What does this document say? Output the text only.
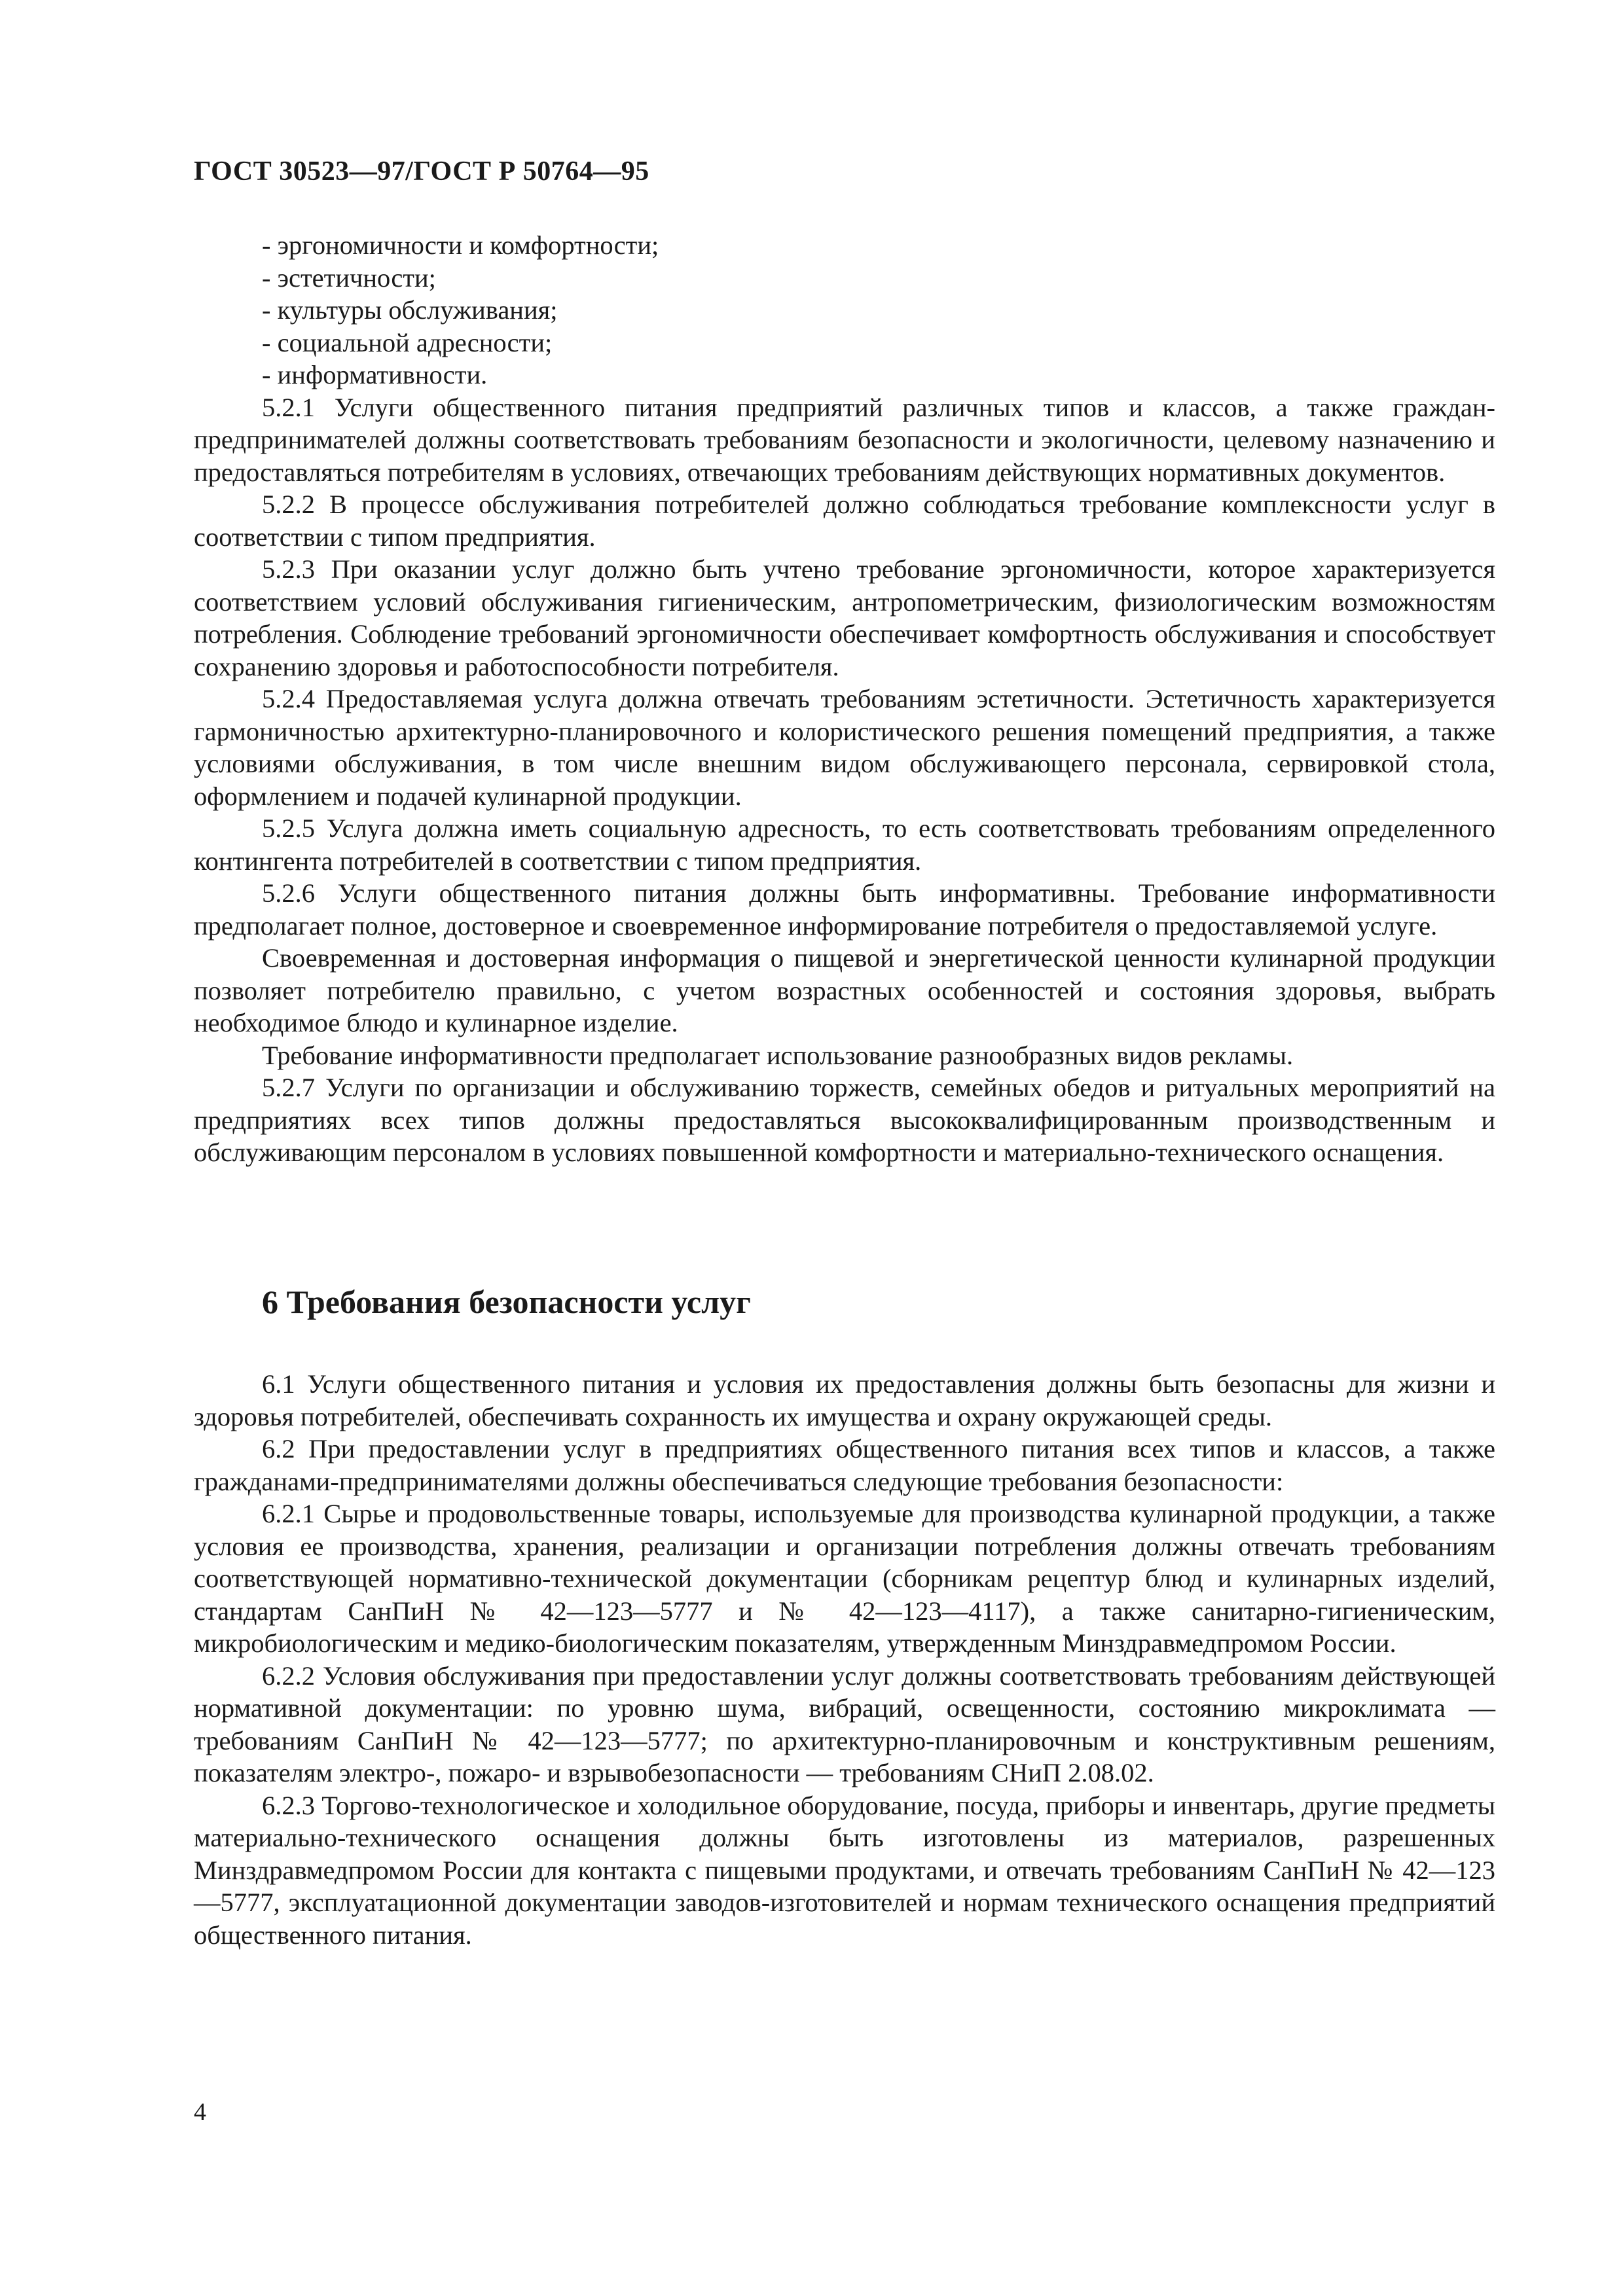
ГОСТ 30523—97/ГОСТ Р 50764—95

- эргономичности и комфортности;

- эстетичности;

- культуры обслуживания;

- социальной адресности;

- информативности.

5.2.1 Услуги общественного питания предприятий различных типов и классов, а также граждан-предпринимателей должны соответствовать требованиям безопасности и экологичности, целевому назначению и предоставляться потребителям в условиях, отвечающих требованиям действующих нормативных документов.

5.2.2 В процессе обслуживания потребителей должно соблюдаться требование комплексности услуг в соответствии с типом предприятия.

5.2.3 При оказании услуг должно быть учтено требование эргономичности, которое характеризуется соответствием условий обслуживания гигиеническим, антропометрическим, физиологическим возможностям потребления. Соблюдение требований эргономичности обеспечивает комфортность обслуживания и способствует сохранению здоровья и работоспособности потребителя.

5.2.4 Предоставляемая услуга должна отвечать требованиям эстетичности. Эстетичность характеризуется гармоничностью архитектурно-планировочного и колористического решения помещений предприятия, а также условиями обслуживания, в том числе внешним видом обслуживающего персонала, сервировкой стола, оформлением и подачей кулинарной продукции.

5.2.5 Услуга должна иметь социальную адресность, то есть соответствовать требованиям определенного контингента потребителей в соответствии с типом предприятия.

5.2.6 Услуги общественного питания должны быть информативны. Требование информативности предполагает полное, достоверное и своевременное информирование потребителя о предоставляемой услуге.

Своевременная и достоверная информация о пищевой и энергетической ценности кулинарной продукции позволяет потребителю правильно, с учетом возрастных особенностей и состояния здоровья, выбрать необходимое блюдо и кулинарное изделие.

Требование информативности предполагает использование разнообразных видов рекламы.

5.2.7 Услуги по организации и обслуживанию торжеств, семейных обедов и ритуальных мероприятий на предприятиях всех типов должны предоставляться высококвалифицированным производственным и обслуживающим персоналом в условиях повышенной комфортности и материально-технического оснащения.

6 Требования безопасности услуг

6.1 Услуги общественного питания и условия их предоставления должны быть безопасны для жизни и здоровья потребителей, обеспечивать сохранность их имущества и охрану окружающей среды.

6.2 При предоставлении услуг в предприятиях общественного питания всех типов и классов, а также гражданами-предпринимателями должны обеспечиваться следующие требования безопасности:

6.2.1 Сырье и продовольственные товары, используемые для производства кулинарной продукции, а также условия ее производства, хранения, реализации и организации потребления должны отвечать требованиям соответствующей нормативно-технической документации (сборникам рецептур блюд и кулинарных изделий, стандартам СанПиН № 42—123—5777 и № 42—123—4117), а также санитарно-гигиеническим, микробиологическим и медико-биологическим показателям, утвержденным Минздравмедпромом России.

6.2.2 Условия обслуживания при предоставлении услуг должны соответствовать требованиям действующей нормативной документации: по уровню шума, вибраций, освещенности, состоянию микроклимата — требованиям СанПиН № 42—123—5777; по архитектурно-планировочным и конструктивным решениям, показателям электро-, пожаро- и взрывобезопасности — требованиям СНиП 2.08.02.

6.2.3 Торгово-технологическое и холодильное оборудование, посуда, приборы и инвентарь, другие предметы материально-технического оснащения должны быть изготовлены из материалов, разрешенных Минздравмедпромом России для контакта с пищевыми продуктами, и отвечать требованиям СанПиН № 42—123—5777, эксплуатационной документации заводов-изготовителей и нормам технического оснащения предприятий общественного питания.

4
